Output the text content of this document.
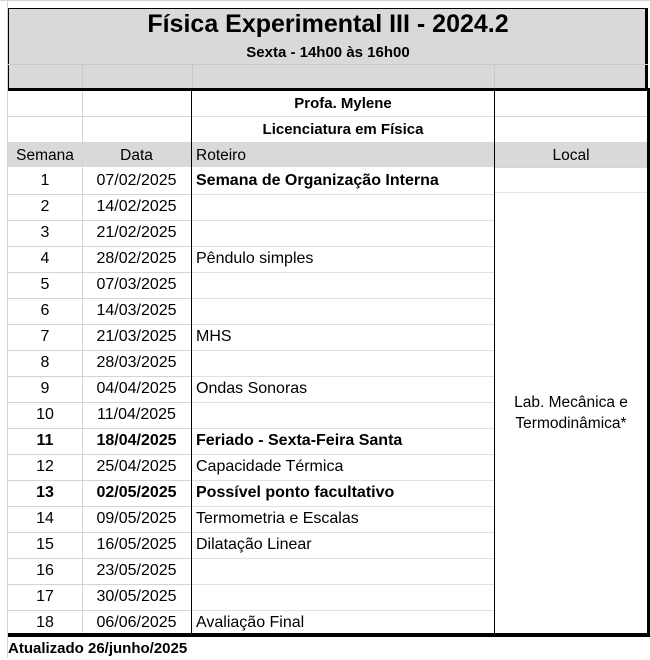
Física Experimental III - 2024.2
Sexta - 14h00 às 16h00
Profa. Mylene
Licenciatura em Física
Semana	Data	Roteiro	Local
1	07/02/2025	Semana de Organização Interna
2	14/02/2025
3	21/02/2025
4	28/02/2025	Pêndulo simples
5	07/03/2025
6	14/03/2025
7	21/03/2025	MHS
8	28/03/2025
9	04/04/2025	Ondas Sonoras
10	11/04/2025
11	18/04/2025	Feriado - Sexta-Feira Santa
12	25/04/2025	Capacidade Térmica
13	02/05/2025	Possível ponto facultativo
14	09/05/2025	Termometria e Escalas
15	16/05/2025	Dilatação Linear
16	23/05/2025
17	30/05/2025
18	06/06/2025	Avaliação Final
Lab. Mecânica e
Termodinâmica*
Atualizado 26/junho/2025
